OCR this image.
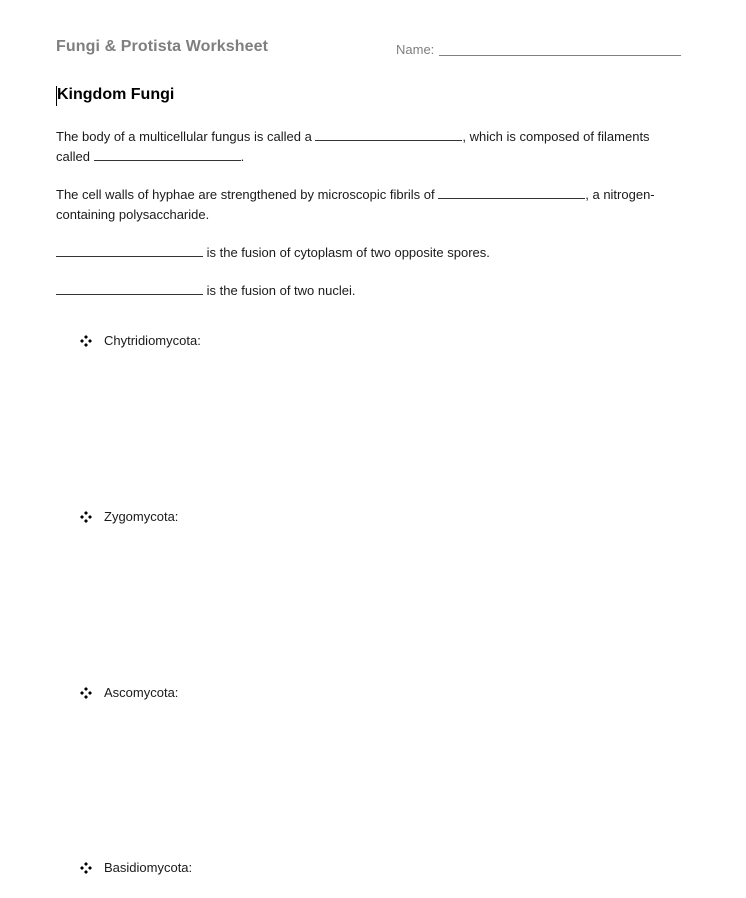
Fungi & Protista Worksheet	Name:
Kingdom Fungi

The body of a multicellular fungus is called a	, which is composed of filaments called	.

The cell walls of hyphae are strengthened by microscopic fibrils of	, a nitrogen-containing polysaccharide.

is the fusion of cytoplasm of two opposite spores.

is the fusion of two nuclei.

Chytridiomycota:
Zygomycota:
Ascomycota:
Basidiomycota:
